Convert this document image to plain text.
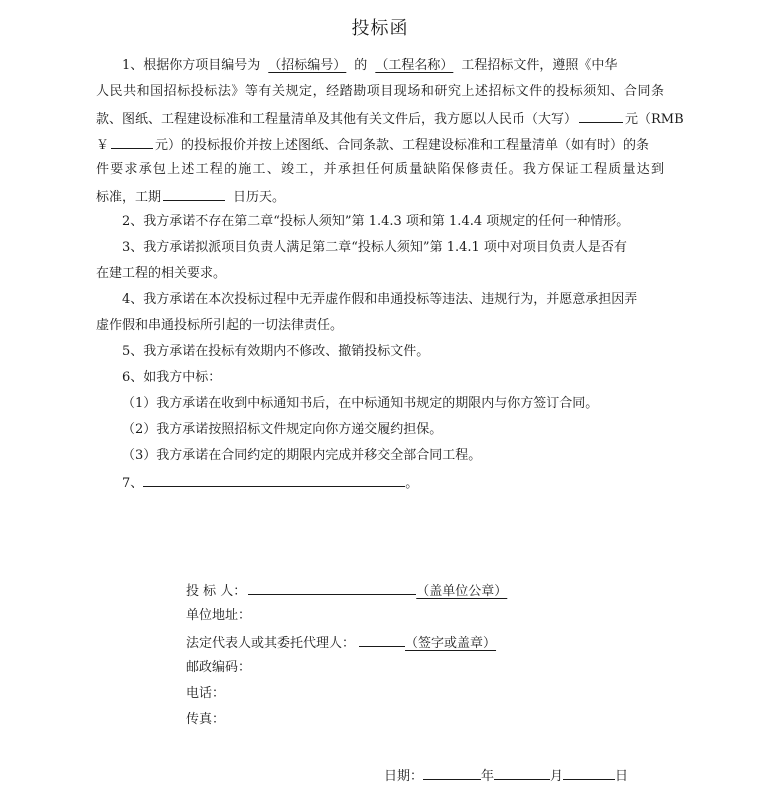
投标函
1、根据你方项目编号为 （招标编号） 的 （工程名称） 工程招标文件，遵照《中华
人民共和国招标投标法》等有关规定，经踏勘项目现场和研究上述招标文件的投标须知、合同条
款、图纸、工程建设标准和工程量清单及其他有关文件后，我方愿以人民币（大写）	元（RMB
￥	元）的投标报价并按上述图纸、合同条款、工程建设标准和工程量清单（如有时）的条
件要求承包上述工程的施工、竣工，并承担任何质量缺陷保修责任。我方保证工程质量达到
标准，工期	日历天。
2、我方承诺不存在第二章“投标人须知”第 1.4.3 项和第 1.4.4 项规定的任何一种情形。
3、我方承诺拟派项目负责人满足第二章“投标人须知”第 1.4.1 项中对项目负责人是否有
在建工程的相关要求。
4、我方承诺在本次投标过程中无弄虚作假和串通投标等违法、违规行为，并愿意承担因弄
虚作假和串通投标所引起的一切法律责任。
5、我方承诺在投标有效期内不修改、撤销投标文件。
6、如我方中标：
（1）我方承诺在收到中标通知书后，在中标通知书规定的期限内与你方签订合同。
（2）我方承诺按照招标文件规定向你方递交履约担保。
（3）我方承诺在合同约定的期限内完成并移交全部合同工程。
7、	。
投 标 人：	（盖单位公章）
单位地址：
法定代表人或其委托代理人：	（签字或盖章）
邮政编码：
电话：
传真：
日期：	年	月	日
